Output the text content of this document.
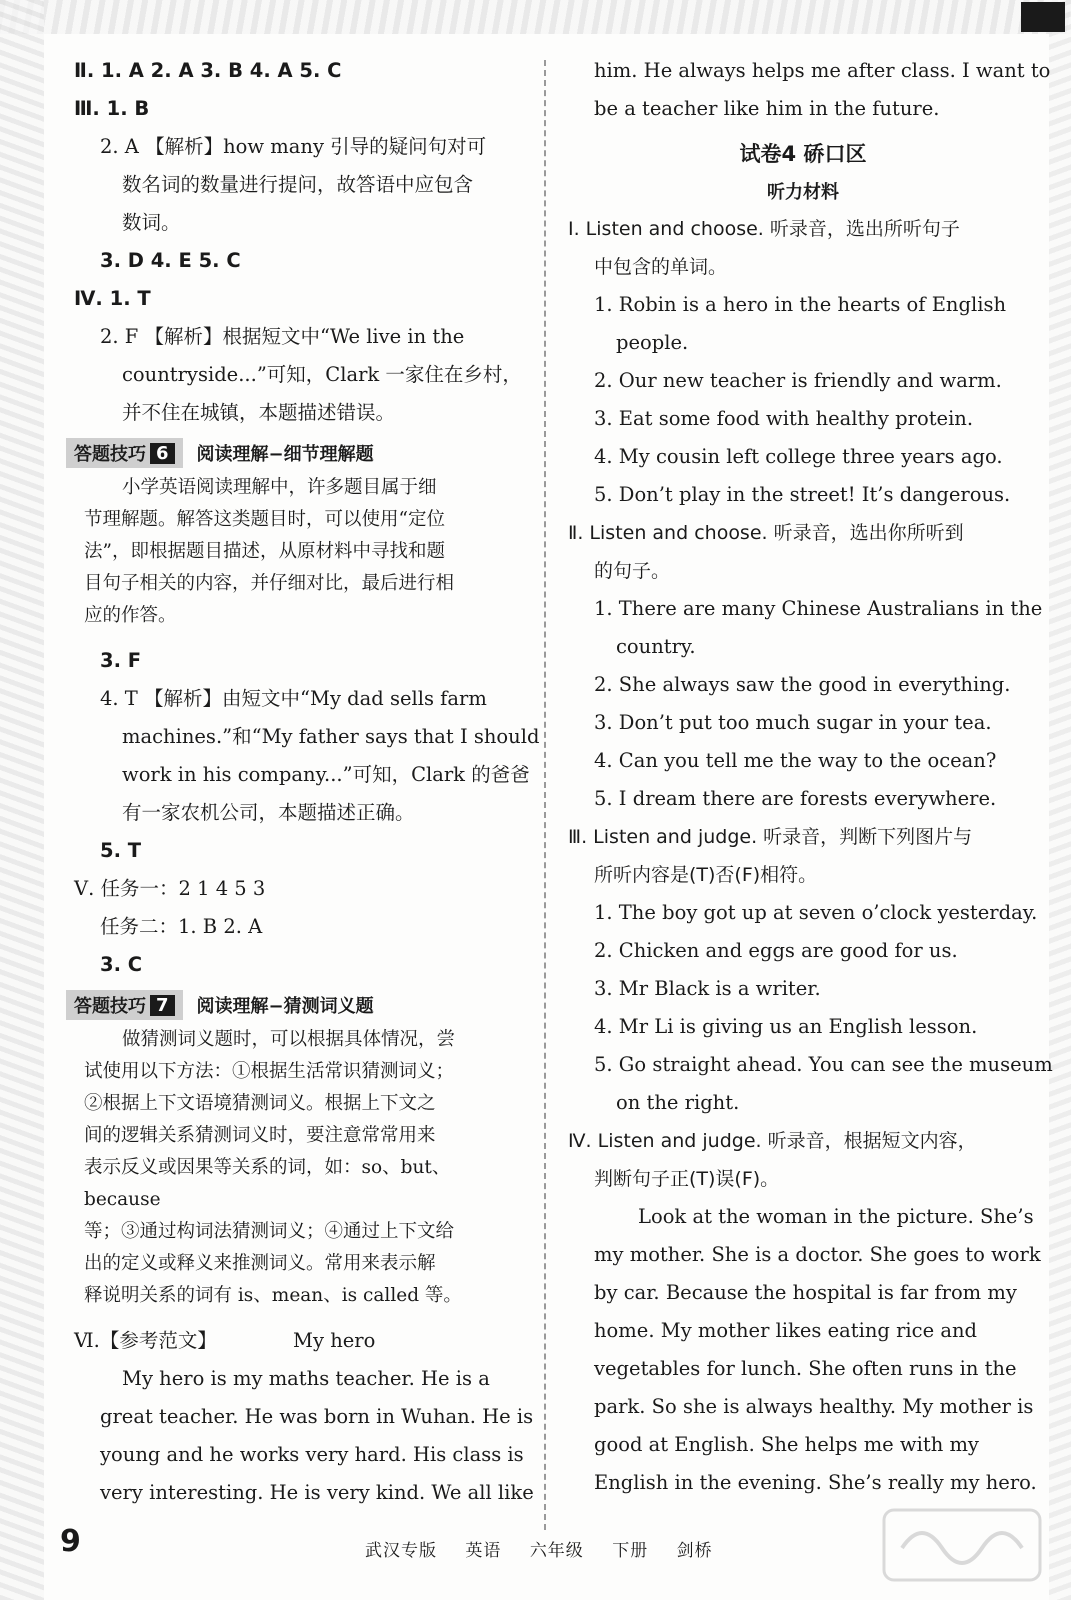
Ⅱ. 1. A 2. A 3. B 4. A 5. C
Ⅲ. 1. B
2. A 【解析】how many 引导的疑问句对可
数名词的数量进行提问，故答语中应包含
数词。
3. D 4. E 5. C
Ⅳ. 1. T
2. F 【解析】根据短文中“We live in the
countryside...”可知，Clark 一家住在乡村，
并不住在城镇，本题描述错误。
答题技巧 6	阅读理解−细节理解题
小学英语阅读理解中，许多题目属于细
节理解题。解答这类题目时，可以使用“定位
法”，即根据题目描述，从原材料中寻找和题
目句子相关的内容，并仔细对比，最后进行相
应的作答。
3. F
4. T 【解析】由短文中“My dad sells farm
machines.”和“My father says that I should
work in his company...”可知，Clark 的爸爸
有一家农机公司，本题描述正确。
5. T
Ⅴ. 任务一：2 1 4 5 3
任务二：1. B 2. A
3. C
答题技巧 7	阅读理解−猜测词义题
做猜测词义题时，可以根据具体情况，尝
试使用以下方法：①根据生活常识猜测词义；
②根据上下文语境猜测词义。根据上下文之
间的逻辑关系猜测词义时，要注意常常用来
表示反义或因果等关系的词，如：so、but、because
等；③通过构词法猜测词义；④通过上下文给
出的定义或释义来推测词义。常用来表示解
释说明关系的词有 is、mean、is called 等。
Ⅵ.【参考范文】	My hero
My hero is my maths teacher. He is a
great teacher. He was born in Wuhan. He is
young and he works very hard. His class is
very interesting. He is very kind. We all like
him. He always helps me after class. I want to
be a teacher like him in the future.
试卷4 硚口区
听力材料
Ⅰ. Listen and choose. 听录音，选出所听句子
中包含的单词。
1. Robin is a hero in the hearts of English
people.
2. Our new teacher is friendly and warm.
3. Eat some food with healthy protein.
4. My cousin left college three years ago.
5. Don’t play in the street! It’s dangerous.
Ⅱ. Listen and choose. 听录音，选出你所听到
的句子。
1. There are many Chinese Australians in the
country.
2. She always saw the good in everything.
3. Don’t put too much sugar in your tea.
4. Can you tell me the way to the ocean?
5. I dream there are forests everywhere.
Ⅲ. Listen and judge. 听录音，判断下列图片与
所听内容是(T)否(F)相符。
1. The boy got up at seven o’clock yesterday.
2. Chicken and eggs are good for us.
3. Mr Black is a writer.
4. Mr Li is giving us an English lesson.
5. Go straight ahead. You can see the museum
on the right.
Ⅳ. Listen and judge. 听录音，根据短文内容，
判断句子正(T)误(F)。
Look at the woman in the picture. She’s
my mother. She is a doctor. She goes to work
by car. Because the hospital is far from my
home. My mother likes eating rice and
vegetables for lunch. She often runs in the
park. So she is always healthy. My mother is
good at English. She helps me with my
English in the evening. She’s really my hero.
9	武汉专版 英语 六年级 下册 剑桥
